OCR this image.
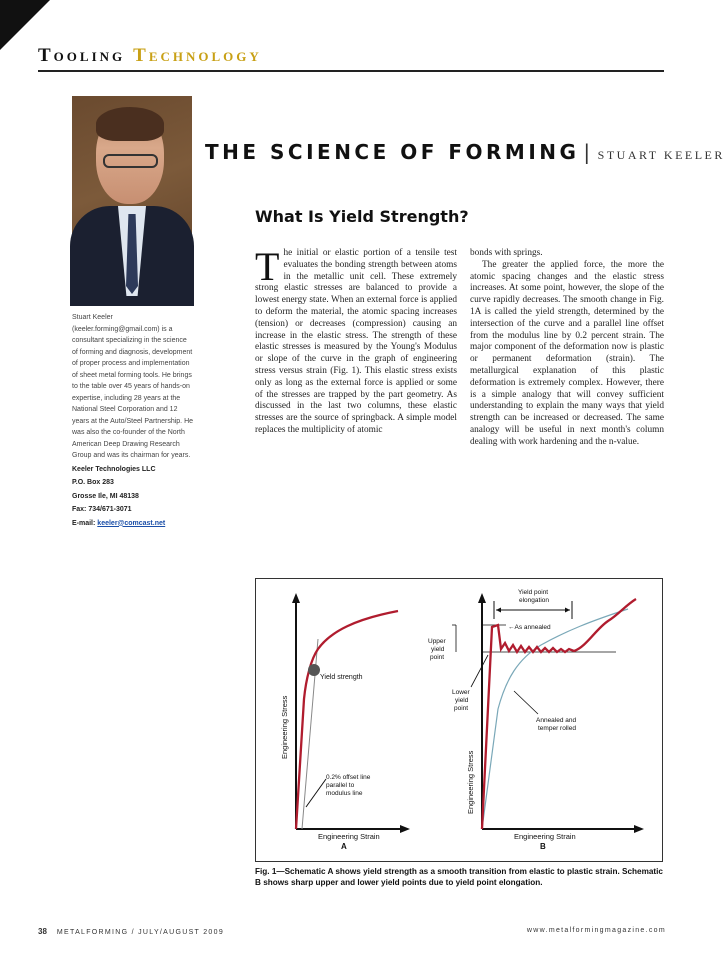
Tooling Technology
THE SCIENCE OF FORMING | STUART KEELER
What Is Yield Strength?
Stuart Keeler (keeler.forming@gmail.com) is a consultant specializing in the science of forming and diagnosis, development of proper process and implementation of sheet metal forming tools. He brings to the table over 45 years of hands-on expertise, including 28 years at the National Steel Corporation and 12 years at the Auto/Steel Partnership. He was also the co-founder of the North American Deep Drawing Research Group and was its chairman for years.
Keeler Technologies LLC
P.O. Box 283
Grosse Ile, MI 48138
Fax: 734/671-3071
E-mail: keeler@comcast.net

The initial or elastic portion of a tensile test evaluates the bonding strength between atoms in the metallic unit cell. These extremely strong elastic stresses are balanced to provide a lowest energy state. When an external force is applied to deform the material, the atomic spacing increases (tension) or decreases (compression) causing an increase in the elastic stress. The strength of these elastic stresses is measured by the Young's Modulus or slope of the curve in the graph of engineering stress versus strain (Fig. 1). This elastic stress exists only as long as the external force is applied or some of the stresses are trapped by the part geometry. As discussed in the last two columns, these elastic stresses are the source of springback. A simple model replaces the multiplicity of atomic

bonds with springs.

The greater the applied force, the more the atomic spacing changes and the elastic stress increases. At some point, however, the slope of the curve rapidly decreases. The smooth change in Fig. 1A is called the yield strength, determined by the intersection of the curve and a parallel line offset from the modulus line by 0.2 percent strain. The major component of the deformation now is plastic or permanent deformation (strain). The metallurgical explanation of this plastic deformation is extremely complex. However, there is a simple analogy that will convey sufficient understanding to explain the many ways that yield strength can be increased or decreased. The same analogy will be useful in next month's column dealing with work hardening and the n-value.

Engineering Stress
Yield strength
0.2% offset line
parallel to
modulus line
Engineering Strain
A
Engineering Stress
Yield point
elongation
←As annealed
Upper
yield
point
Lower
yield
point
Annealed and
temper rolled
Engineering Strain
B
Fig. 1—Schematic A shows yield strength as a smooth transition from elastic to plastic strain. Schematic B shows sharp upper and lower yield points due to yield point elongation.
38 METALFORMING / JULY/AUGUST 2009	www.metalformingmagazine.com
